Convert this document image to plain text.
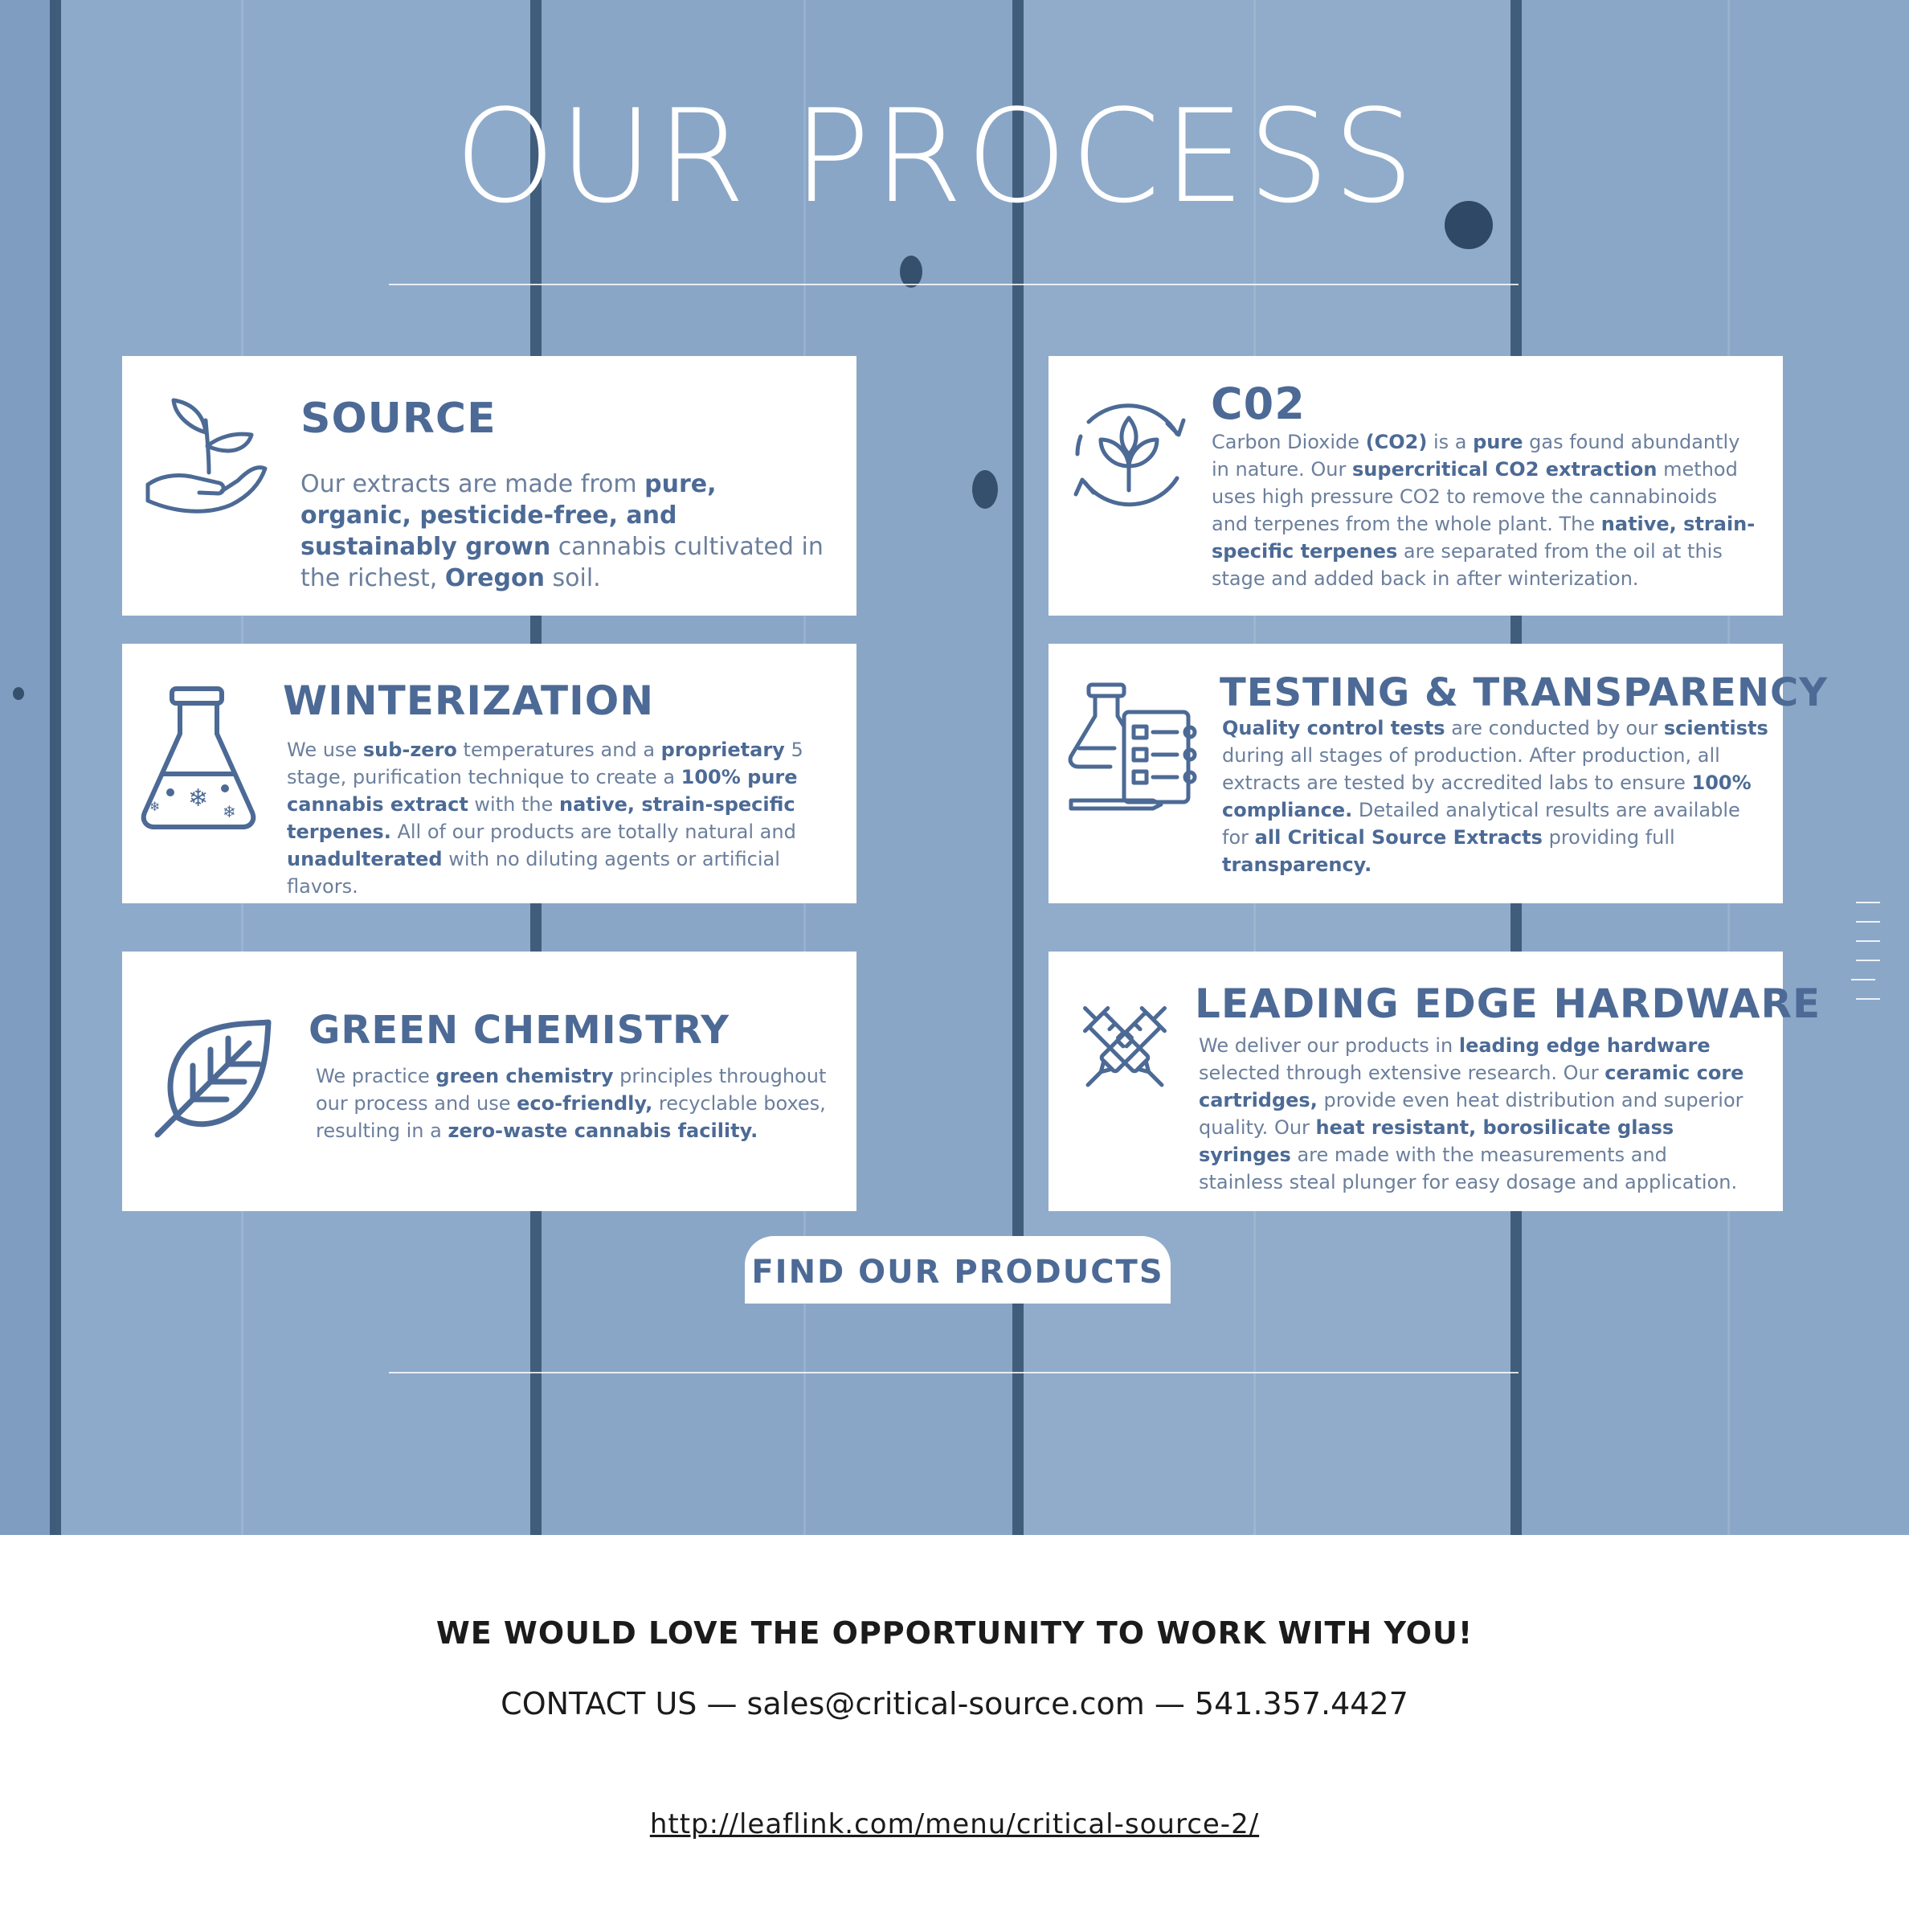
OUR PROCESS
SOURCE

Our extracts are made from pure, organic, pesticide-free, and sustainably grown cannabis cultivated in the richest, Oregon soil.

C02

Carbon Dioxide (CO2) is a pure gas found abundantly in nature. Our supercritical CO2 extraction method uses high pressure CO2 to remove the cannabinoids and terpenes from the whole plant. The native, strain-specific terpenes are separated from the oil at this stage and added back in after winterization.

❄
❄	❄
WINTERIZATION

We use sub-zero temperatures and a proprietary 5 stage, purification technique to create a 100% pure cannabis extract with the native, strain-specific terpenes. All of our products are totally natural and unadulterated with no diluting agents or artificial flavors.

TESTING & TRANSPARENCY

Quality control tests are conducted by our scientists during all stages of production. After production, all extracts are tested by accredited labs to ensure 100% compliance. Detailed analytical results are available for all Critical Source Extracts providing full transparency.

GREEN CHEMISTRY

We practice green chemistry principles throughout our process and use eco-friendly, recyclable boxes, resulting in a zero-waste cannabis facility.

LEADING EDGE HARDWARE

We deliver our products in leading edge hardware selected through extensive research. Our ceramic core cartridges, provide even heat distribution and superior quality. Our heat resistant, borosilicate glass syringes are made with the measurements and stainless steal plunger for easy dosage and application.

FIND OUR PRODUCTS
WE WOULD LOVE THE OPPORTUNITY TO WORK WITH YOU!
CONTACT US — sales@critical-source.com — 541.357.4427
http://leaflink.com/menu/critical-source-2/
